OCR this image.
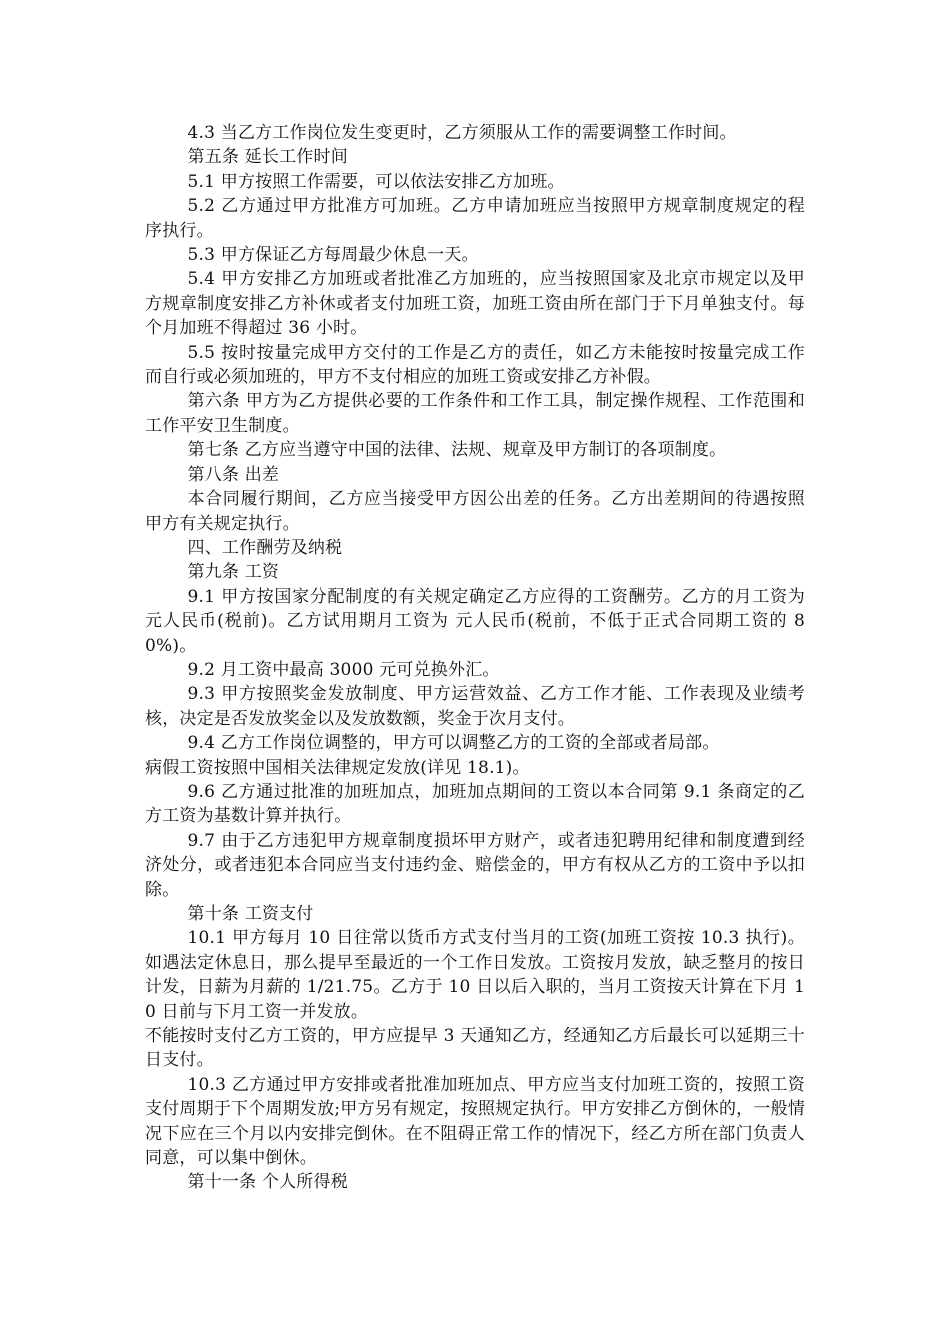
4.3 当乙方工作岗位发生变更时，乙方须服从工作的需要调整工作时间。

第五条 延长工作时间

5.1 甲方按照工作需要，可以依法安排乙方加班。

5.2 乙方通过甲方批准方可加班。乙方申请加班应当按照甲方规章制度规定的程序执行。

5.3 甲方保证乙方每周最少休息一天。

5.4 甲方安排乙方加班或者批准乙方加班的，应当按照国家及北京市规定以及甲方规章制度安排乙方补休或者支付加班工资，加班工资由所在部门于下月单独支付。每个月加班不得超过 36 小时。

5.5 按时按量完成甲方交付的工作是乙方的责任，如乙方未能按时按量完成工作而自行或必须加班的，甲方不支付相应的加班工资或安排乙方补假。

第六条 甲方为乙方提供必要的工作条件和工作工具，制定操作规程、工作范围和工作平安卫生制度。

第七条 乙方应当遵守中国的法律、法规、规章及甲方制订的各项制度。

第八条 出差

本合同履行期间，乙方应当接受甲方因公出差的任务。乙方出差期间的待遇按照甲方有关规定执行。

四、工作酬劳及纳税

第九条 工资

9.1 甲方按国家分配制度的有关规定确定乙方应得的工资酬劳。乙方的月工资为 元人民币(税前)。乙方试用期月工资为 元人民币(税前，不低于正式合同期工资的 80%)。

9.2 月工资中最高 3000 元可兑换外汇。

9.3 甲方按照奖金发放制度、甲方运营效益、乙方工作才能、工作表现及业绩考核，决定是否发放奖金以及发放数额，奖金于次月支付。

9.4 乙方工作岗位调整的，甲方可以调整乙方的工资的全部或者局部。

病假工资按照中国相关法律规定发放(详见 18.1)。

9.6 乙方通过批准的加班加点，加班加点期间的工资以本合同第 9.1 条商定的乙方工资为基数计算并执行。

9.7 由于乙方违犯甲方规章制度损坏甲方财产，或者违犯聘用纪律和制度遭到经济处分，或者违犯本合同应当支付违约金、赔偿金的，甲方有权从乙方的工资中予以扣除。

第十条 工资支付

10.1 甲方每月 10 日往常以货币方式支付当月的工资(加班工资按 10.3 执行)。如遇法定休息日，那么提早至最近的一个工作日发放。工资按月发放，缺乏整月的按日计发，日薪为月薪的 1/21.75。乙方于 10 日以后入职的，当月工资按天计算在下月 10 日前与下月工资一并发放。

不能按时支付乙方工资的，甲方应提早 3 天通知乙方，经通知乙方后最长可以延期三十日支付。

10.3 乙方通过甲方安排或者批准加班加点、甲方应当支付加班工资的，按照工资支付周期于下个周期发放;甲方另有规定，按照规定执行。甲方安排乙方倒休的，一般情况下应在三个月以内安排完倒休。在不阻碍正常工作的情况下，经乙方所在部门负责人同意，可以集中倒休。

第十一条 个人所得税
